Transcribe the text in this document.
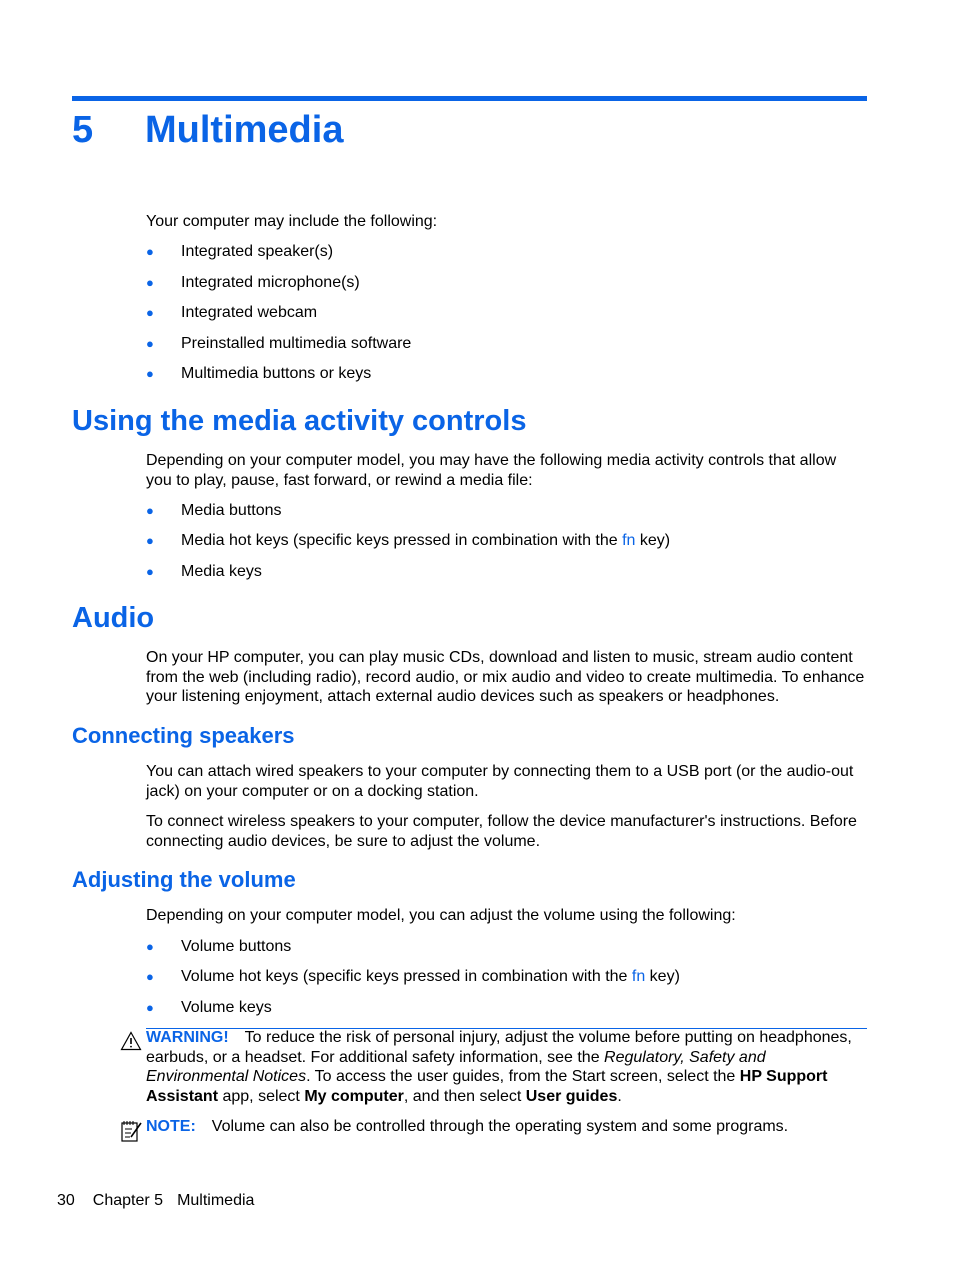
5 Multimedia

Your computer may include the following:

● Integrated speaker(s)
● Integrated microphone(s)
● Integrated webcam
● Preinstalled multimedia software
● Multimedia buttons or keys
Using the media activity controls

Depending on your computer model, you may have the following media activity controls that allow you to play, pause, fast forward, or rewind a media file:

● Media buttons
● Media hot keys (specific keys pressed in combination with the fn key)
● Media keys
Audio

On your HP computer, you can play music CDs, download and listen to music, stream audio content from the web (including radio), record audio, or mix audio and video to create multimedia. To enhance your listening enjoyment, attach external audio devices such as speakers or headphones.

Connecting speakers

You can attach wired speakers to your computer by connecting them to a USB port (or the audio-out jack) on your computer or on a docking station.

To connect wireless speakers to your computer, follow the device manufacturer's instructions. Before connecting audio devices, be sure to adjust the volume.

Adjusting the volume

Depending on your computer model, you can adjust the volume using the following:

● Volume buttons
● Volume hot keys (specific keys pressed in combination with the fn key)
● Volume keys

WARNING! To reduce the risk of personal injury, adjust the volume before putting on headphones, earbuds, or a headset. For additional safety information, see the Regulatory, Safety and Environmental Notices. To access the user guides, from the Start screen, select the HP Support Assistant app, select My computer, and then select User guides.

NOTE: Volume can also be controlled through the operating system and some programs.

30 Chapter 5 Multimedia
